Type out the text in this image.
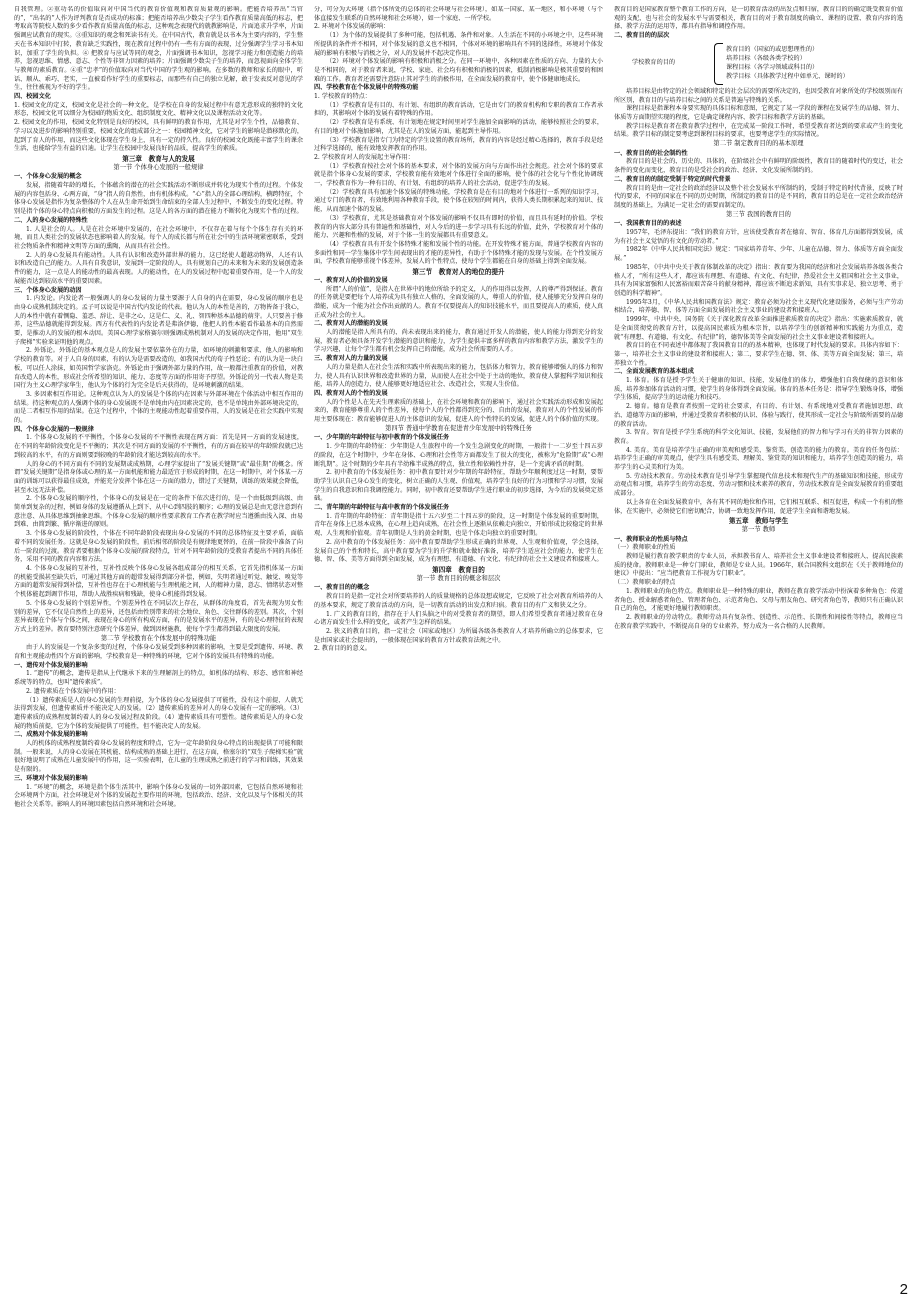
自我管理。②重功名的价值取向对中国当代的教育价值观和教育质量观的影响。把能否培养出“当官的”，“出名的”人作为评判教育是否成功的标准；把能否培养出少数尖子学生看作教育质量高低的标志，把考取高等院校人数的多少看作教育质量高低的标志，这种观念表现代的就教影响是，片面追求升学率，片面强调应试教育的现实。③重知识的观念和死读书有关。在中国古代，教育就是以书本为主要内容的，学生整天在书本知识中打转，教育缺乏实践性，现在教育过程中仍有一些有方面的表现，过分强调学生学习书本知识，加重了学生的负担。④ 把教育与应试等同的观念，片面强调书本知识，忽视学习能力和创造能力的培养，忽视思维、情感、意志、个性等非智力因素的培养；片面强调少数尖子生的培养，而忽视面向全体学生与教师的素质教育。④重“忠孝”的价值取向对当代中国的学生观的影响。在多数的教师和家长的眼中，听话、顺从、乖巧、老实，一直被看作好学生的重要标志，而那些有自己的独立见解，敢于发表反对意见的学生，往往被视为不好的学生。

四、校园文化

1. 校园文化的定义，校园文化是社会的一种文化，是学校在自身的发展过程中有意无意形成的独特的文化形态，校园文化可以细分为校园的物质文化、组织制度文化、精神文化以及课程活动文化等。

2. 校园文化的作用，校园文化特别是良好的校风，具有鲜明的教育作用，尤其是对学生个性，品德教育、学习以及进步的影响特别重要，校园文化的组成部分之一：校园精神文化，它对学生的影响是潜移默化的，起到了育人的作用，而这些文化体现在学生身上，具有一定的持久性。良好的校园文化既能丰富学生的课余生活，也能给学生有益的启迪。让学生在校园中发展良好的品质，提高学生的素质。

第三章　教育与人的发展

第一节 个体身心发展的一般规律

一、个体身心发展的概念

发展，指随着年龄的增长，个体蕴含的潜在的社会实践活动不断形成并转化为现实个性的过程。个体发展的内容包括身、心两方面，“身”指人的自然性，由有机体构成。“心”指人的全部心理结构，横跨特征，个体身心发展是指作为复杂整体的个人在从生命开始到生命结束的全部人生过程中，不断发生的变化过程。特别是指个体的身心特点向积极的方面发生的过程。这是人的各方面的潜在能力不断转化为现实个性的过程。

二、人的身心发展的特殊性

1. 人是社会的人。人是在社会环境中发展的，在社会环境中，不仅存在着与每个个体生存有关的环境，而且人类社会的发展状态也影响着人的发展。每个人的成长都与所在社会中的生活环境紧密联系，受到社会物质条件和精神文明等方面的熏陶，从而具有社会性。

2. 人的身心发展具有能动性。人具有认识和改造外部世界的能力，这已经使人超越动物界，人还有认识和改造自己的能力。人具有自我意识，发展到一定阶段的人，具有规划自己的未来和为未来的发展创造条件的能力，这一点是人的能动性的最高表现。人的能动性，在人的发展过程中起着重要作用，是一个人的发展能否达到较高水平的重要因素。

三、个体身心发展的动因

1. 内发论。内发论者一般强调人的身心发展的力量主要源于人自身的内在需要，身心发展的顺序也是由身心成熟机制决定的。孟子可以说是中国古代内发论的代表。他认为人的本性是善的，万物皆备于我心，人的本性中就有着恻隐、羞恶、辞让、是非之心，这是仁、义、礼、智四种基本品德的萌芽。人只要善于修养，这些品德就能得到发展。西方有代表性的内发论者是弗洛伊德，他把人的性本能看作最基本的自然需要，是推动人的发展的根本动因。美国心理学家格赛尔则强调成熟机制对人的发展的决定作用，他用“双生子爬梯”实验来证明他的观点。

2. 外铄论。外铄论的基本观点是人的发展主要依靠外在的力量，如环境的刺激和要求、他人的影响和学校的教育等。对于人自身的因素，有的认为是需要改造的，如我国古代的荀子性恶论；有的认为是一块白板，可以任人涂抹，如英国哲学家洛克。外铄论由于强调外部力量的作用，故一般都注重教育的价值，对教育改造人的本性，形成社会所希望的知识、能力、态度等方面的作用寄予厚望。外铄论的另一代表人物是美国行为主义心理学家华生，他认为个体的行为完全是后天获得的，是环境刺激的结果。

3. 多因素相互作用论。这种观点认为人的发展是个体的内在因素与外部环境在个体活动中相互作用的结果。持这种观点的人强调个体的身心发展既不是单纯由内在因素决定的，也不是单纯由外部环境决定的，而是二者相互作用的结果。在这个过程中，个体的主观能动性起着重要作用，人的发展是在社会实践中实现的。

四、个体身心发展的一般规律

1. 个体身心发展的不平衡性，个体身心发展的不平衡性表现在两方面：首先是同一方面的发展速度，在不同的年龄阶段变化是不平衡的；其次是不同方面的发展的不平衡性，有的方面在较早的年龄阶段就已达到较高的水平，有的方面则要到较晚的年龄阶段才能达到较高的水平。

人的身心的不同方面有不同的发展期或成熟期，心理学家提出了“发展关键期”或“最佳期”的概念。所谓“发展关键期”是指身体或心理的某一方面机能和能力最适宜于形成的时期，在这一时期中，对个体某一方面的训练可以获得最佳成效，并能充分发挥个体在这一方面的潜力，错过了关键期，训练的效果就会降低，甚至永远无法补偿。

2. 个体身心发展的顺序性，个体身心的发展是在一定的条件下依次进行的，是一个由低级到高级、由简单到复杂的过程，例如身体的发展遵循从上到下、从中心到四肢的顺序；心理的发展总是由无意注意到有意注意、从具体思维到抽象思维。个体身心发展的顺序性要求教育工作者在教学时应当遵循由浅入深、由易到难、由简到繁、循序渐进的原则。

3. 个体身心发展的阶段性，个体在不同年龄阶段表现出身心发展的不同的总体特征及主要矛盾，面临着不同的发展任务。这就是身心发展的阶段性，前后相邻的阶段是有规律地更替的，在前一阶段中准备了向后一阶段的过渡。教育者要根据个体身心发展的阶段特点，针对不同年龄阶段的受教育者提出不同的具体任务，采用不同的教育内容和方法。

4. 个体身心发展的互补性，互补性反映个体身心发展各组成部分的相互关系，它首先指机体某一方面的机能受损甚至缺失后，可通过其他方面的超常发展得到部分补偿，例如，失明者通过听觉、触觉、嗅觉等方面的超常发展得到补偿，互补性也存在于心理机能与生理机能之间，人的精神力量，意志、情绪状态对整个机体能起到调节作用，帮助人战胜疾病和残缺，使身心机能得到发展。

5. 个体身心发展的个别差异性，个别差异性在不同层次上存在，从群体的角度看，首先表现为男女性别的差异，它不仅是自然性上的差异，还包括由性别带来的社会地位、角色、交往群体的差别。其次，个别差异表现在个体与个体之间，表现在身心的所有构成方面，有的是发展水平的差异，有的是心理特征的表现方式上的差异。教育要特别注意研究个体差异，做到因材施教，使每个学生都得到最大限度的发展。

第二节 学校教育在个体发展中的特殊功能

由于人的发展是一个复杂多变的过程，个体身心发展受到多种因素的影响，主要是受到遗传、环境、教育和主观能动性四个方面的影响，学校教育是一种特殊的环境，它对个体的发展具有特殊的功能。

一、遗传对个体发展的影响

1. “遗传”的概念，遗传是指从上代继承下来的生理解剖上的特点，如机体的结构、形态、感官和神经系统等的特点，也叫“遗传素质”。

2. 遗传素质在个体发展中的作用：

（1）遗传素质是人的身心发展的生理前提，为个体的身心发展提供了可能性，没有这个前提，人就无法得到发展，但遗传素质并不能决定人的发展。（2）遗传素质的差异对人的身心发展有一定的影响。（3）遗传素质的成熟程度制约着人的身心发展过程及阶段。（4）遗传素质具有可塑性。遗传素质是人的身心发展的物质前提，它为个体的发展提供了可能性，但不能决定人的发展。

二、成熟对个体发展的影响

人的机体的成熟程度制约着身心发展的程度和特点，它为一定年龄阶段身心特点的出现提供了可能和限制。一般来说，人的身心发展在其机能、结构成熟的基础上进行，在这方面，格塞尔的“双生子爬梯实验”就很好地说明了成熟在儿童发展中的作用，这一实验表明，在儿童的生理成熟之前进行的学习和训练，其效果是有限的。

三、环境对个体发展的影响

1. “环境”的概念，环境是指个体生活其中，影响个体身心发展的一切外部因素，它包括自然环境和社会环境两个方面，社会环境是对个体的发展起主要作用的环境，包括政治、经济、文化以及与个体相关的其他社会关系等。影响人的环境因素包括自然环境和社会环境。

分，可分为大环境（指个体所处的总体的社会环境与社会环境），如某一国家、某一地区，和小环境（与个体直接发生联系的自然环境和社会环境），如一个家庭、一所学校。

2. 环境对个体发展的影响：

（1）为个体的发展提供了多种可能，包括机遇、条件和对象。人生活在不同的小环境之中，这些环境所提供的条件并不相同，对个体发展的意义也不相同，个体对环境的影响具有不同的选择性，环境对个体发展的影响有积极与消极之分，对人的发展并不起决定作用。

（2）环境对个体发展的影响有积极和消极之分。在同一环境中，各种因素在性质的方向、力量的大小是不相同的，对于教育者来说，学校、家庭、社会均有积极和消极的因素，抵制消极影响是极其重要的和困难的工作。教育者还需要注意防止其对学生的消极作用，在全面发展的教育中，使个体健康地成长。

四、学校教育在个体发展中的特殊功能

1. 学校教育的特点：

（1）学校教育是有目的、有计划、有组织的教育活动，它是由专门的教育机构和专职的教育工作者承担的，其影响对个体的发展有着特殊的作用。

（2）学校教育是有系统、有计划地在规定时间里对学生施加全面影响的活动，能够按照社会的要求，有目的地对个体施加影响，尤其是在人的发展方面，能起到主导作用。

（3）学校教育是指专门为特定的学生设置的教育场所，教育的内容是经过精心选择的，教育手段是经过科学选择的，能有效地发挥教育的作用。

2. 学校教育对人的发展起主导作用：

（1）学校教育按社会对个体的基本要求，对个体的发展方向与方面作出社会规范。社会对个体的要求就是指个体身心发展的要求，学校教育能有效地对个体进行全面的影响，使个体的社会化与个性化协调统一，学校教育作为一种有目的、有计划、有组织的培养人的社会活动，促进学生的发展。

（2）学校教育具有加速个体发展的特殊功能，学校教育是在有目的地对个体进行一系列的知识学习，通过专门的教育者，有效地利用各种教育手段，使个体在较短的时间内，获得人类长期积累起来的知识、技能，从而加速个体的发展。

（3）学校教育，尤其是基础教育对个体发展的影响不仅具有即时的价值，而且具有延时的价值。学校教育的内容大部分具有普遍性和基础性，对人今后的进一步学习具有长远的价值，此外，学校教育对个体的能力、兴趣和性格的发展，对于个体一生的发展都具有重要意义。

（4）学校教育具有开发个体特殊才能和发展个性的功能。在开发特殊才能方面，普通学校教育内容的多面性和同一学生集体中学生间表现出的才能的差异性，有助于个体特殊才能的发现与发展。在个性发展方面，学校教育能够重视个体差异，发展人的个性特点，使每个学生都能在自身的基础上得到全面发展。

第三节　教育对人的地位的提升

一、教育对人的价值的发展

所谓“人的价值”，是指人在世界中的地位所给予的定义，人的作用得以发挥，人的尊严得到保证。教育的任务就是要把每个人培养成为具有独立人格的、全面发展的人，尊重人的价值，使人能够充分发挥自身的潜能，成为一个能为社会作出贡献的人。教育不仅要提高人的知识技能水平，而且要提高人的素质，使人真正成为社会的主人。

二、教育对人的潜能的发展

人的潜能是指人所具有的、尚未表现出来的能力，教育通过开发人的潜能，使人的能力得到充分的发展，教育者必须具备开发学生潜能的意识和能力，为学生提供丰富多样的教育内容和教学方法，激发学生的学习兴趣，让每个学生都有机会发挥自己的潜能，成为社会所需要的人才。

三、教育对人的力量的发展

人的力量是指人在社会生活和实践中所表现出来的能力，包括体力和智力，教育能够增强人的体力和智力，使人具有认识世界和改造世界的力量，从而使人在社会中处于主动的地位，教育使人掌握科学知识和技能，培养人的创造力，使人能够更好地适应社会、改造社会，实现人生价值。

四、教育对人的个性的发展

人的个性是人在先天生理素质的基础上，在社会环境和教育的影响下，通过社会实践活动形成和发展起来的，教育能够尊重人的个性差异，使每个人的个性都得到充分的、自由的发展，教育对人的个性发展的作用主要体现在：教育能够促进人的主体意识的发展，促进人的个性特长的发展，促进人的个体价值的实现。

第四节 普通中学教育在促进青少年发展中的特殊任务

一、少年期的年龄特征与初中教育的个体发展任务

1. 少年期的年龄特征：少年期是人生旅程中的一个发生急剧变化的时期，一般指十一二岁至十四五岁的阶段，在这个时期中，少年在身体、心理和社会性等方面都发生了很大的变化，被称为“危险期”或“心理断乳期”。这个时期的少年具有半幼稚半成熟的特点，独立性和依赖性并存，是一个充满矛盾的时期。

2. 初中教育的个体发展任务：初中教育要针对少年期的年龄特征，帮助少年顺利度过这一时期，要帮助学生认识自己身心发生的变化，树立正确的人生观、价值观，培养学生良好的行为习惯和学习习惯，发展学生的自我意识和自我调控能力。同时，初中教育还要帮助学生进行职业的初步选择，为今后的发展奠定基础。

二、青年期的年龄特征与高中教育的个体发展任务

1. 青年期的年龄特征：青年期是指十五六岁至二十四五岁的阶段，这一时期是个体发展的重要时期，青年在身体上已基本成熟，在心理上趋向成熟，在社会性上逐渐从依赖走向独立，开始形成比较稳定的世界观、人生观和价值观。青年初期是人生的黄金时期，也是个体走向独立的重要时期。

2. 高中教育的个体发展任务：高中教育要帮助学生形成正确的世界观、人生观和价值观，学会选择，发展自己的个性和特长，高中教育要为学生的升学和就业做好准备，培养学生适应社会的能力，使学生在德、智、体、美等方面得到全面发展，成为有理想、有道德、有文化、有纪律的社会主义建设者和接班人。

第四章　教育目的

第一节 教育目的的概念和层次

一、教育目的的概念

教育目的是指一定社会对所要培养的人的质量规格的总体设想或规定，它反映了社会对教育所培养的人的基本要求，规定了教育活动的方向，是一切教育活动的出发点和归宿。教育目的有广义和狭义之分。

1. 广义的教育目的，指存在于人们头脑之中的对受教育者的期望，即人们希望受教育者通过教育在身心诸方面发生什么样的变化，或者产生怎样的结果。

2. 狭义的教育目的，指一定社会（国家或地区）为所属各级各类教育人才培养所确立的总体要求，它是由国家或社会提出的，一般体现在国家的教育方针或教育法规之中。

2. 教育目的的意义。

教育目的是国家教育整个教育工作的方向，是一切教育活动的出发点和归宿，教育目的的确定既受教育价值观的支配，也与社会的发展水平与需要相关，教育目的对于教育制度的确立、课程的设置、教育内容的选择、教学方法的运用等，都具有指导和调控作用。

二、教育目的的层次

学校教育的目的
教育目的（国家的或思想理性的）
培养目标（各级各类学校的）
课程目标（各学习领域或科目的）
教学目标（具体教学过程中如单元、课时的）

培养目标是由特定的社会领域和特定的社会层次的需要所决定的，也因受教育对象所处的学校级别而有所区别，教育目的与培养目标之间的关系是普遍与特殊的关系。

课程目标是指课程本身要实现的具体目标和意图，它规定了某一学段的课程在发展学生的品德、智力、体质等方面期望实现的程度，它是确定课程内容、教学目标和教学方法的基础。

教学目标是教育者在教育教学过程中，在完成某一阶段工作时，希望受教育者达到的要求或产生的变化结果。教学目标的制定要考虑到课程目标的要求，也要考虑学生的实际情况。

第二节 制定教育目的的基本原理

一、教育目的的社会制约性

教育目的是社会的、历史的、具体的，在阶级社会中有鲜明的阶级性，教育目的随着时代的变迁，社会条件的变化而变化，教育目的是受社会的政治、经济、文化发展所制约的。

二、教育目的的制定受制于特定的时代背景

教育目的是由一定社会的政治经济以及整个社会发展水平所制约的，受制于特定的时代背景，反映了时代的要求，不同的国家在不同的历史时期，所制定的教育目的是不同的，教育目的总是在一定社会政治经济制度的基础上，为满足一定社会的需要而制定的。

第三节 我国的教育目的

一、我国教育目的的表述

1957年，毛泽东提出：“我们的教育方针，应该使受教育者在德育、智育、体育几方面都得到发展，成为有社会主义觉悟的有文化的劳动者。”

1982年《中华人民共和国宪法》规定：“国家培养青年、少年、儿童在品德、智力、体质等方面全面发展。”

1985年，《中共中央关于教育体制改革的决定》指出：教育要为我国的经济和社会发展培养各级各类合格人才，“所有这些人才，都应该有理想、有道德、有文化、有纪律，热爱社会主义祖国和社会主义事业，具有为国家富强和人民富裕而艰苦奋斗的献身精神，都应该不断追求新知，具有实事求是、独立思考、勇于创造的科学精神”。

1995年3月，《中华人民共和国教育法》规定：教育必须为社会主义现代化建设服务，必须与生产劳动相结合，培养德、智、体等方面全面发展的社会主义事业的建设者和接班人。

1999年，中共中央、国务院《关于深化教育改革全面推进素质教育的决定》指出：实施素质教育，就是全面贯彻党的教育方针，以提高国民素质为根本宗旨，以培养学生的创新精神和实践能力为重点，造就“有理想、有道德、有文化、有纪律”的，德智体美等全面发展的社会主义事业建设者和接班人。

教育目的在不同表述中都体现了我国教育目的的基本精神，也体现了时代发展的要求。具体内容如下：第一，培养社会主义事业的建设者和接班人；第二，要求学生在德、智、体、美等方面全面发展；第三，培养独立个性。

二、全面发展教育的基本组成

1. 体育。体育是授予学生关于健康的知识、技能，发展他们的体力，增强他们自我保健的意识和体质，培养参加体育活动的习惯，使学生的身体得到全面发展。体育的基本任务是：指导学生锻炼身体，增强学生体质，提高学生的运动能力和技巧。

2. 德育。德育是教育者按照一定的社会要求，有目的、有计划、有系统地对受教育者施加思想、政治、道德等方面的影响，并通过受教育者积极的认识、体验与践行，使其形成一定社会与阶级所需要的品德的教育活动。

3. 智育。智育是授予学生系统的科学文化知识、技能，发展他们的智力和与学习有关的非智力因素的教育。

4. 美育。美育是培养学生正确的审美观和感受美、鉴赏美、创造美的能力的教育。美育的任务包括：培养学生正确的审美观点，使学生具有感受美、理解美、鉴赏美的知识和能力，培养学生创造美的能力，培养学生的心灵美和行为美。

5. 劳动技术教育。劳动技术教育是引导学生掌握现代信息技术和现代生产的基础知识和技能，形成劳动观点和习惯，培养学生的劳动态度、劳动习惯和技术素养的教育，劳动技术教育是全面发展教育的重要组成部分。

以上各育在全面发展教育中，各有其不同的地位和作用，它们相互联系、相互促进，构成一个有机的整体，在实施中，必须使它们密切配合，协调一致地发挥作用，促进学生全面和谐地发展。

第五章　教师与学生

第一节 教师

一、教师职业的性质与特点

（一）教师职业的性质

教师是履行教育教学职责的专业人员，承担教书育人、培养社会主义事业建设者和接班人、提高民族素质的使命。教师职业是一种专门职业，教师是专业人员。1966年，联合国教科文组织在《关于教师地位的建议》中提出：“应当把教育工作视为专门职业”。

（二）教师职业的特点

1. 教师职业的角色特点。教师职业是一种特殊的职业，教师在教育教学活动中扮演着多种角色：传道者角色、授业解惑者角色、管理者角色、示范者角色、父母与朋友角色、研究者角色等，教师只有正确认识自己的角色，才能更好地履行教师职责。

2. 教师职业的劳动特点。教师劳动具有复杂性、创造性、示范性、长期性和间接性等特点，教师应当在教育教学实践中，不断提高自身的专业素养，努力成为一名合格的人民教师。

2
